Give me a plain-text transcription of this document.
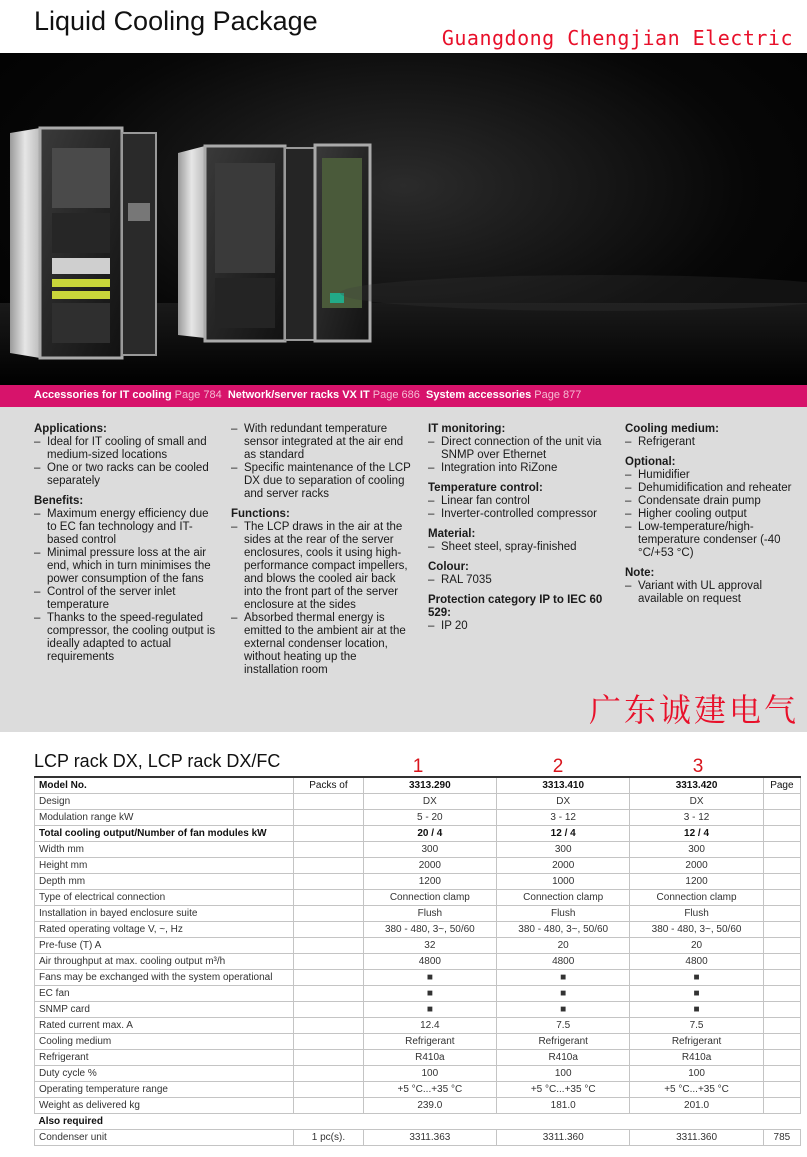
Liquid Cooling Package
Guangdong Chengjian Electric
Accessories for IT cooling Page 784 Network/server racks VX IT Page 686 System accessories Page 877
Applications:
– Ideal for IT cooling of small and medium-sized locations
– One or two racks can be cooled separately
Benefits:
– Maximum energy efficiency due to EC fan technology and IT-based control
– Minimal pressure loss at the air end, which in turn minimises the power consumption of the fans
– Control of the server inlet temperature
– Thanks to the speed-regulated compressor, the cooling output is ideally adapted to actual requirements
– With redundant temperature sensor integrated at the air end as standard
– Specific maintenance of the LCP DX due to separation of cooling and server racks
Functions:
– The LCP draws in the air at the sides at the rear of the server enclosures, cools it using high-performance compact impellers, and blows the cooled air back into the front part of the server enclosure at the sides
– Absorbed thermal energy is emitted to the ambient air at the external condenser location, without heating up the installation room
IT monitoring:
– Direct connection of the unit via SNMP over Ethernet
– Integration into RiZone
Temperature control:
– Linear fan control
– Inverter-controlled compressor
Material:
– Sheet steel, spray-finished
Colour:
– RAL 7035
Protection category IP to IEC 60 529:
– IP 20
Cooling medium:
– Refrigerant
Optional:
– Humidifier
– Dehumidification and reheater
– Condensate drain pump
– Higher cooling output
– Low-temperature/high-temperature condenser (-40 °C/+53 °C)
Note:
– Variant with UL approval available on request
广东诚建电气
LCP rack DX, LCP rack DX/FC	1	2	3
Model No.	Packs of	3313.290	3313.410	3313.420	Page
Design		DX	DX	DX	
Modulation range kW		5 - 20	3 - 12	3 - 12	
Total cooling output/Number of fan modules kW		20 / 4	12 / 4	12 / 4	
Width mm		300	300	300	
Height mm		2000	2000	2000	
Depth mm		1200	1000	1200	
Type of electrical connection		Connection clamp	Connection clamp	Connection clamp	
Installation in bayed enclosure suite		Flush	Flush	Flush	
Rated operating voltage V, ~, Hz		380 - 480, 3~, 50/60	380 - 480, 3~, 50/60	380 - 480, 3~, 50/60	
Pre-fuse (T) A		32	20	20	
Air throughput at max. cooling output m³/h		4800	4800	4800	
Fans may be exchanged with the system operational		■	■	■	
EC fan		■	■	■	
SNMP card		■	■	■	
Rated current max. A		12.4	7.5	7.5	
Cooling medium		Refrigerant	Refrigerant	Refrigerant	
Refrigerant		R410a	R410a	R410a	
Duty cycle %		100	100	100	
Operating temperature range		+5 °C...+35 °C	+5 °C...+35 °C	+5 °C...+35 °C	
Weight as delivered kg		239.0	181.0	201.0	
Also required					
Condenser unit	1 pc(s).	3311.363	3311.360	3311.360	785
